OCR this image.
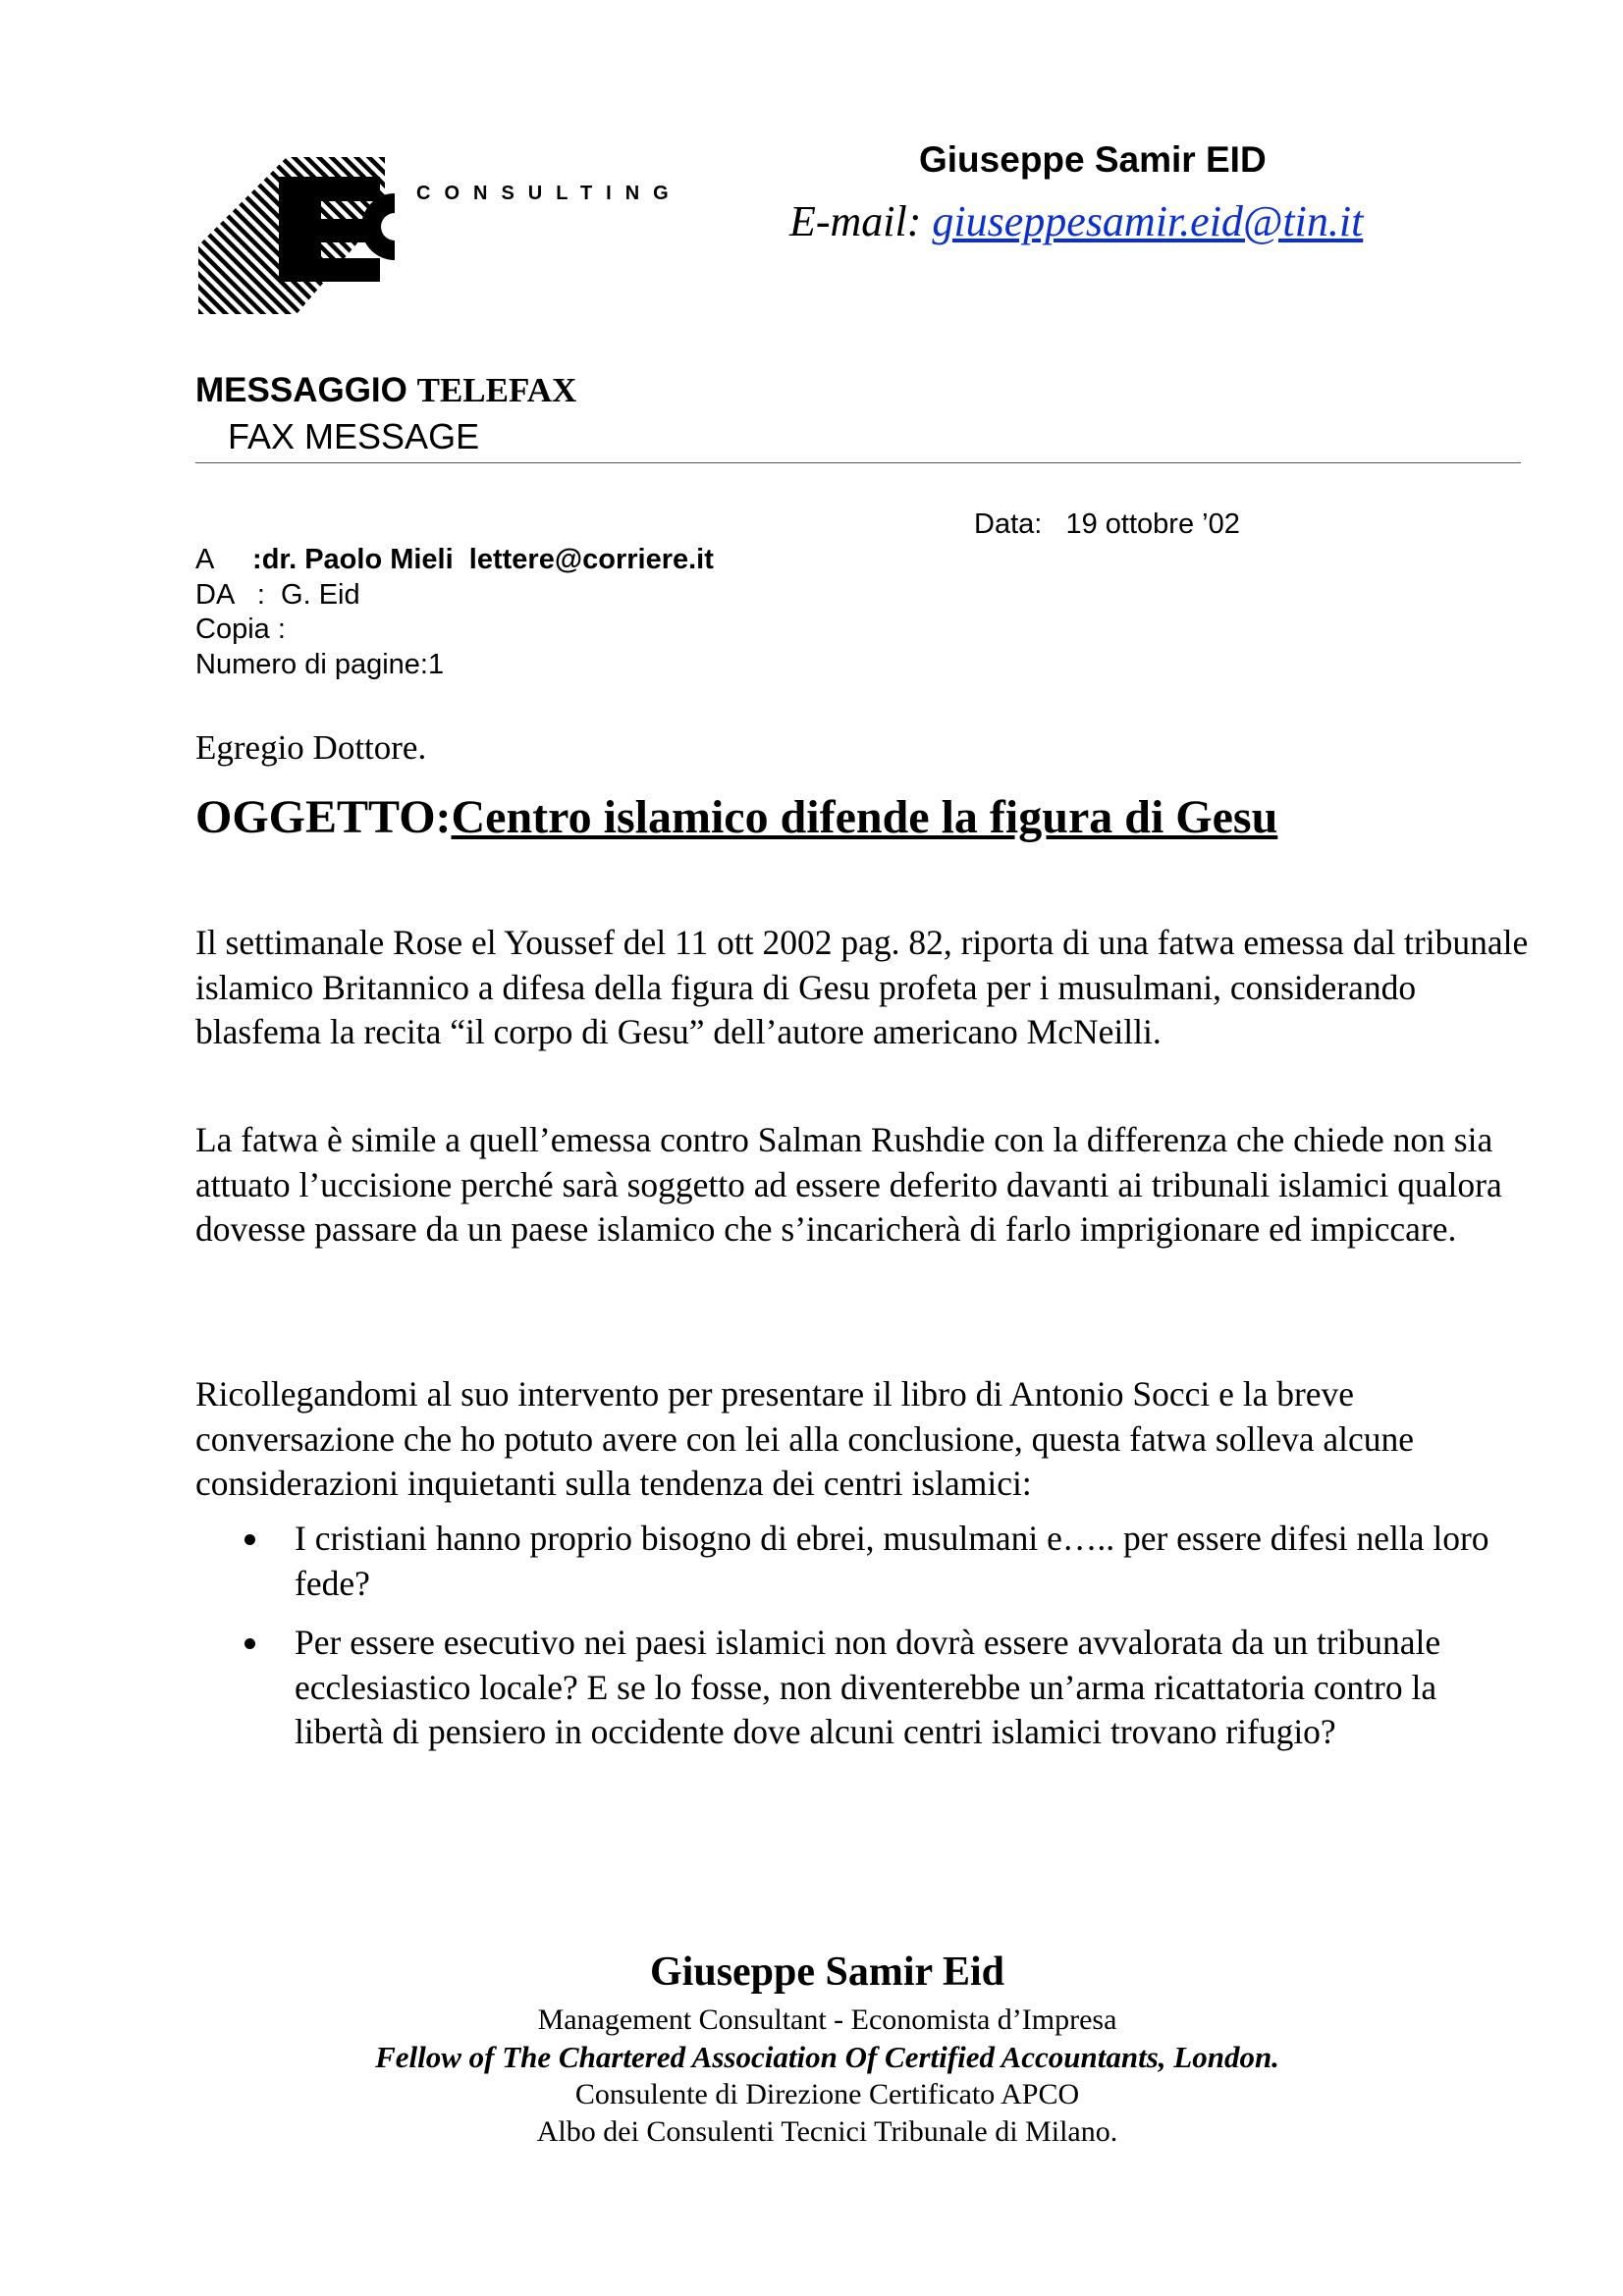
CONSULTING
Giuseppe Samir EID
E-mail: giuseppesamir.eid@tin.it
MESSAGGIO TELEFAX
FAX MESSAGE
Data:   19 ottobre ’02
A     :dr. Paolo Mieli  lettere@corriere.it
DA   :  G. Eid
Copia :
Numero di pagine:1
Egregio Dottore.
OGGETTO:Centro islamico difende la figura di Gesu
Il settimanale Rose el Youssef del 11 ott 2002 pag. 82, riporta di una fatwa emessa dal tribunale islamico Britannico a difesa della figura di Gesu profeta per i musulmani, considerando blasfema la recita “il corpo di Gesu” dell’autore americano McNeilli.
La fatwa è simile a quell’emessa contro Salman Rushdie con la differenza che chiede non sia attuato l’uccisione perché sarà soggetto ad essere deferito davanti ai tribunali islamici qualora dovesse passare da un paese islamico che s’incaricherà di farlo imprigionare ed impiccare.
Ricollegandomi al suo intervento per presentare il libro di Antonio Socci e la breve conversazione che ho potuto avere con lei alla conclusione, questa fatwa solleva alcune considerazioni inquietanti sulla tendenza dei centri islamici:
I cristiani hanno proprio bisogno di ebrei, musulmani e….. per essere difesi nella loro fede?
Per essere esecutivo nei paesi islamici non dovrà essere avvalorata da un tribunale ecclesiastico locale? E se lo fosse, non diventerebbe un’arma ricattatoria contro la libertà di pensiero in occidente dove alcuni centri islamici trovano rifugio?
Giuseppe Samir Eid
Management Consultant - Economista d’Impresa
Fellow of The Chartered Association Of Certified Accountants, London.
Consulente di Direzione Certificato APCO
Albo dei Consulenti Tecnici Tribunale di Milano.
